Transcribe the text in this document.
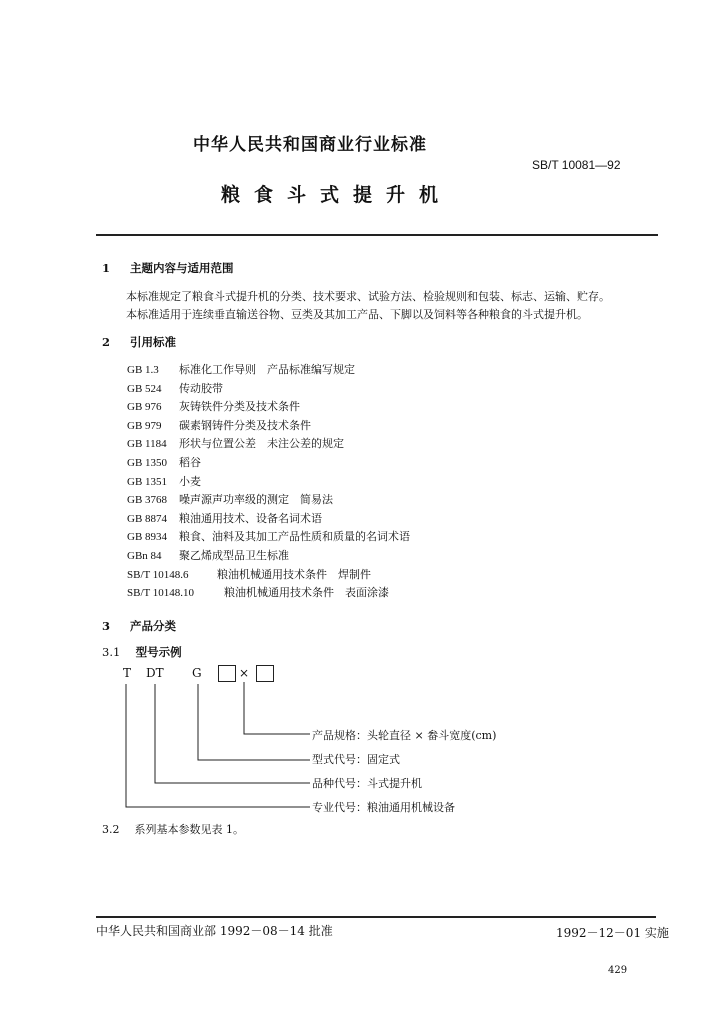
中华人民共和国商业行业标准
SB/T 10081—92
粮食斗式提升机
1 主题内容与适用范围
本标准规定了粮食斗式提升机的分类、技术要求、试验方法、检验规则和包装、标志、运输、贮存。
本标准适用于连续垂直输送谷物、豆类及其加工产品、下脚以及饲料等各种粮食的斗式提升机。
2 引用标准
GB 1.3 标准化工作导则　产品标准编写规定
GB 524 传动胶带
GB 976 灰铸铁件分类及技术条件
GB 979 碳素钢铸件分类及技术条件
GB 1184 形状与位置公差　未注公差的规定
GB 1350 稻谷
GB 1351 小麦
GB 3768 噪声源声功率级的测定　简易法
GB 8874 粮油通用技术、设备名词术语
GB 8934 粮食、油料及其加工产品性质和质量的名词术语
GBn 84 聚乙烯成型品卫生标准
SB/T 10148.6	粮油机械通用技术条件　焊制件
SB/T 10148.10	粮油机械通用技术条件　表面涂漆
3 产品分类
3.1 型号示例
T DT G	×
产品规格：头轮直径 × 畚斗宽度(cm)
型式代号：固定式
品种代号：斗式提升机
专业代号：粮油通用机械设备
3.2 系列基本参数见表 1。
中华人民共和国商业部 1992－08－14 批准	1992－12－01 实施
429
